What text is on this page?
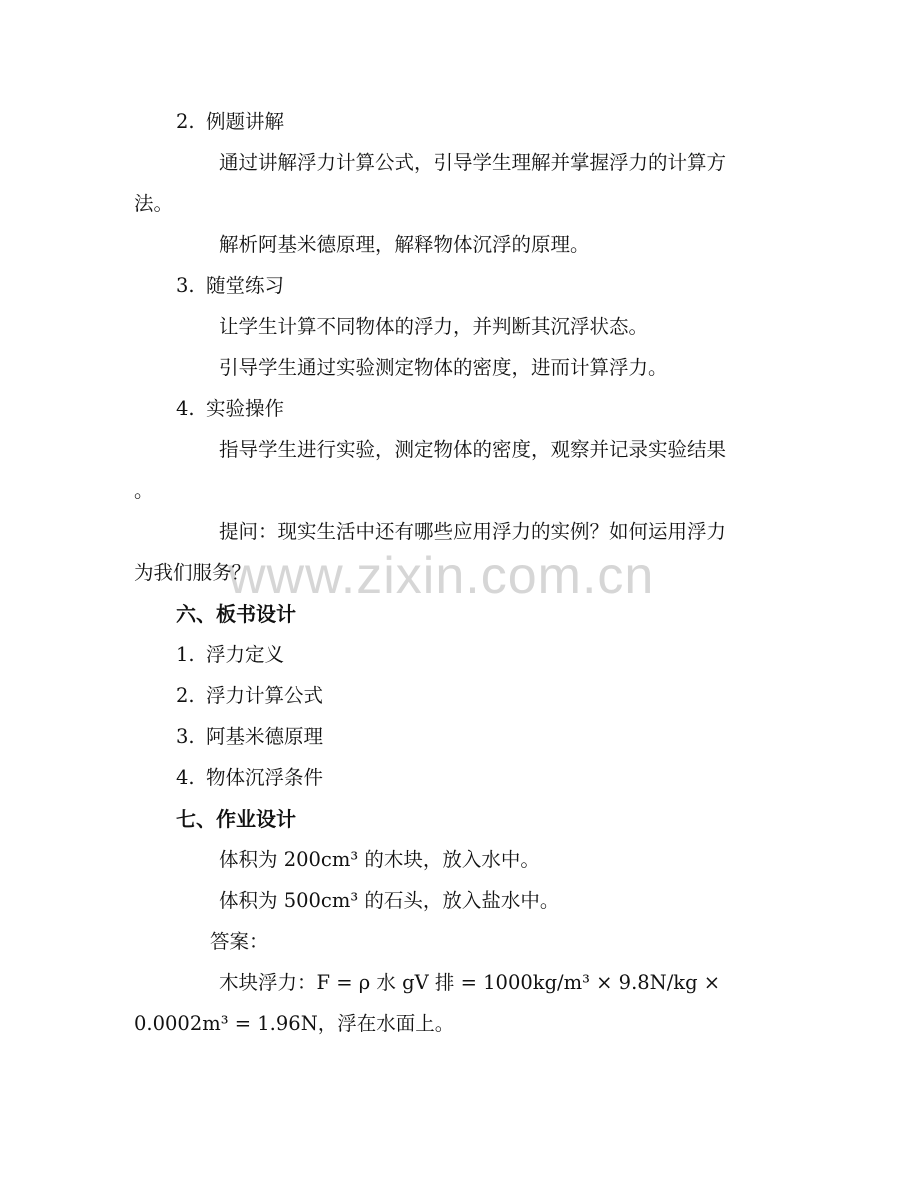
www.zixin.com.cn
2. 例题讲解
通过讲解浮力计算公式，引导学生理解并掌握浮力的计算方
法。
解析阿基米德原理，解释物体沉浮的原理。
3. 随堂练习
让学生计算不同物体的浮力，并判断其沉浮状态。
引导学生通过实验测定物体的密度，进而计算浮力。
4. 实验操作
指导学生进行实验，测定物体的密度，观察并记录实验结果
。
提问：现实生活中还有哪些应用浮力的实例？如何运用浮力
为我们服务？
六、板书设计
1. 浮力定义
2. 浮力计算公式
3. 阿基米德原理
4. 物体沉浮条件
七、作业设计
体积为 200cm³ 的木块，放入水中。
体积为 500cm³ 的石头，放入盐水中。
答案：
木块浮力：F = ρ 水 gV 排 = 1000kg/m³ × 9.8N/kg ×
0.0002m³ = 1.96N，浮在水面上。
